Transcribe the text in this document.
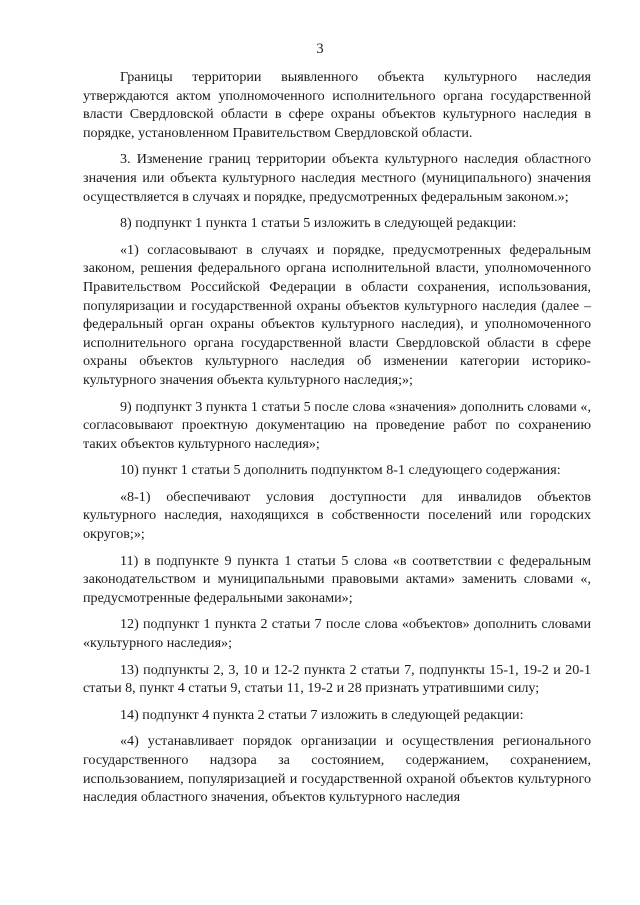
3

Границы территории выявленного объекта культурного наследия утверждаются актом уполномоченного исполнительного органа государственной власти Свердловской области в сфере охраны объектов культурного наследия в порядке, установленном Правительством Свердловской области.

3. Изменение границ территории объекта культурного наследия областного значения или объекта культурного наследия местного (муниципального) значения осуществляется в случаях и порядке, предусмотренных федеральным законом.»;

8) подпункт 1 пункта 1 статьи 5 изложить в следующей редакции:

«1) согласовывают в случаях и порядке, предусмотренных федеральным законом, решения федерального органа исполнительной власти, уполномоченного Правительством Российской Федерации в области сохранения, использования, популяризации и государственной охраны объектов культурного наследия (далее – федеральный орган охраны объектов культурного наследия), и уполномоченного исполнительного органа государственной власти Свердловской области в сфере охраны объектов культурного наследия об изменении категории историко-культурного значения объекта культурного наследия;»;

9) подпункт 3 пункта 1 статьи 5 после слова «значения» дополнить словами «, согласовывают проектную документацию на проведение работ по сохранению таких объектов культурного наследия»;

10) пункт 1 статьи 5 дополнить подпунктом 8-1 следующего содержания:

«8-1) обеспечивают условия доступности для инвалидов объектов культурного наследия, находящихся в собственности поселений или городских округов;»;

11) в подпункте 9 пункта 1 статьи 5 слова «в соответствии с федеральным законодательством и муниципальными правовыми актами» заменить словами «, предусмотренные федеральными законами»;

12) подпункт 1 пункта 2 статьи 7 после слова «объектов» дополнить словами «культурного наследия»;

13) подпункты 2, 3, 10 и 12-2 пункта 2 статьи 7, подпункты 15-1, 19-2 и 20-1 статьи 8, пункт 4 статьи 9, статьи 11, 19-2 и 28 признать утратившими силу;

14) подпункт 4 пункта 2 статьи 7 изложить в следующей редакции:

«4) устанавливает порядок организации и осуществления регионального государственного надзора за состоянием, содержанием, сохранением, использованием, популяризацией и государственной охраной объектов культурного наследия областного значения, объектов культурного наследия
